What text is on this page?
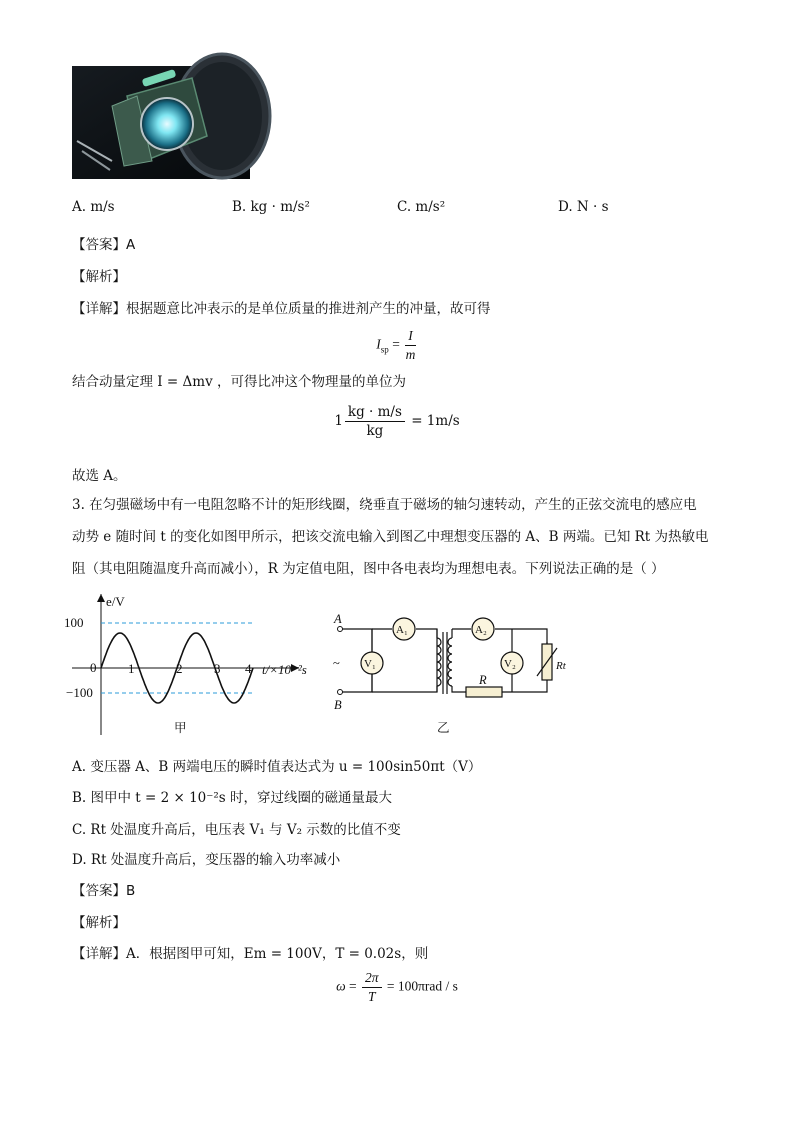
A. m/s	B. kg · m/s²	C. m/s²	D. N · s
【答案】A
【解析】
【详解】根据题意比冲表示的是单位质量的推进剂产生的冲量，故可得
$I_{sp} = \frac{I}{m}$
结合动量定理 I = Δmv ，可得比冲这个物理量的单位为
$1 \frac{kg \cdot m/s}{kg} = 1m/s$
故选 A。
3. 在匀强磁场中有一电阻忽略不计的矩形线圈，绕垂直于磁场的轴匀速转动，产生的正弦交流电的感应电
动势 e 随时间 t 的变化如图甲所示，把该交流电输入到图乙中理想变压器的 A、B 两端。已知 Rt 为热敏电
阻（其电阻随温度升高而减小），R 为定值电阻，图中各电表均为理想电表。下列说法正确的是（ ）
e/V
100
0
−100
1	2 3 4 t/×10⁻²s
甲
A
B
~
A₁	A₂
V₁	V₂
R
Rt
乙
A. 变压器 A、B 两端电压的瞬时值表达式为 u = 100sin50πt（V）
B. 图甲中 t = 2 × 10⁻²s 时，穿过线圈的磁通量最大
C. Rt 处温度升高后，电压表 V₁ 与 V₂ 示数的比值不变
D. Rt 处温度升高后，变压器的输入功率减小
【答案】B
【解析】
【详解】A．根据图甲可知，Em = 100V，T = 0.02s，则
$\omega = \frac{2\pi}{T} = 100\pi rad / s$
